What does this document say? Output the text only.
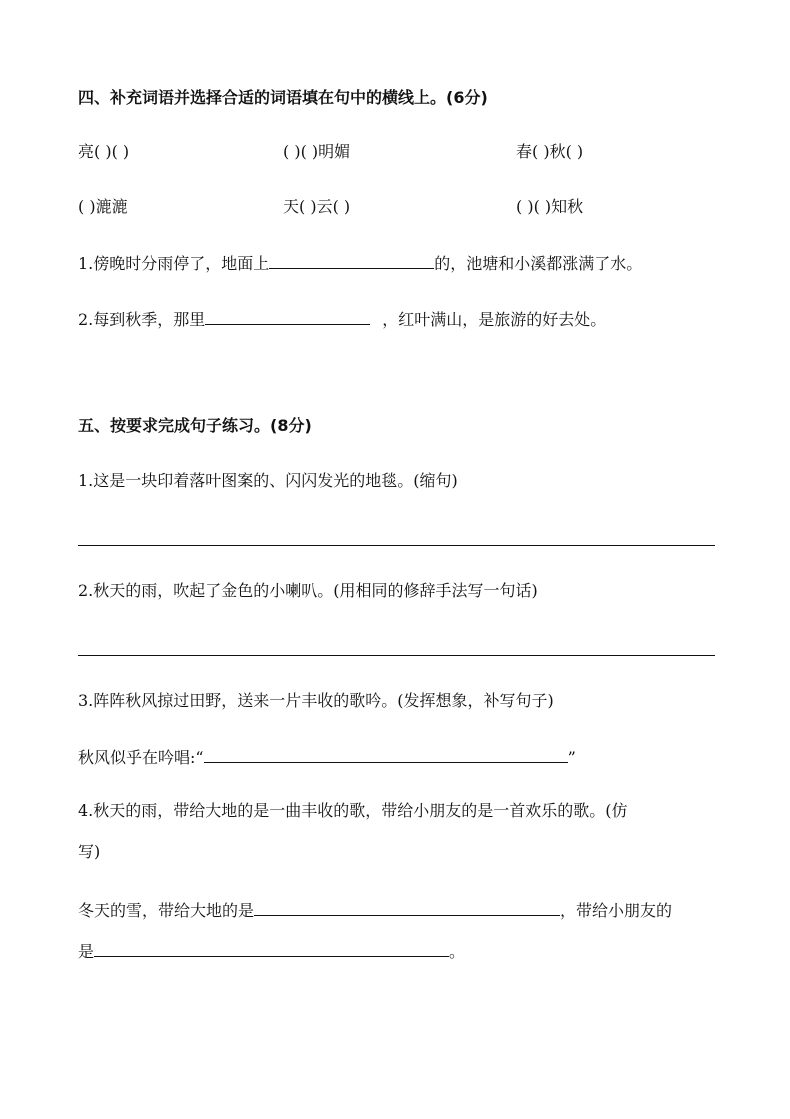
四、补充词语并选择合适的词语填在句中的横线上。(6分)
亮( )( )	( )( )明媚	春( )秋( )
( )漉漉	天( )云( )	( )( )知秋
1.傍晚时分雨停了，地面上	的，池塘和小溪都涨满了水。
2.每到秋季，那里	，红叶满山，是旅游的好去处。
五、按要求完成句子练习。(8分)
1.这是一块印着落叶图案的、闪闪发光的地毯。(缩句)
2.秋天的雨，吹起了金色的小喇叭。(用相同的修辞手法写一句话)
3.阵阵秋风掠过田野，送来一片丰收的歌吟。(发挥想象，补写句子)
秋风似乎在吟唱:“	”
4.秋天的雨，带给大地的是一曲丰收的歌，带给小朋友的是一首欢乐的歌。(仿
写)
冬天的雪，带给大地的是	，带给小朋友的
是	。
